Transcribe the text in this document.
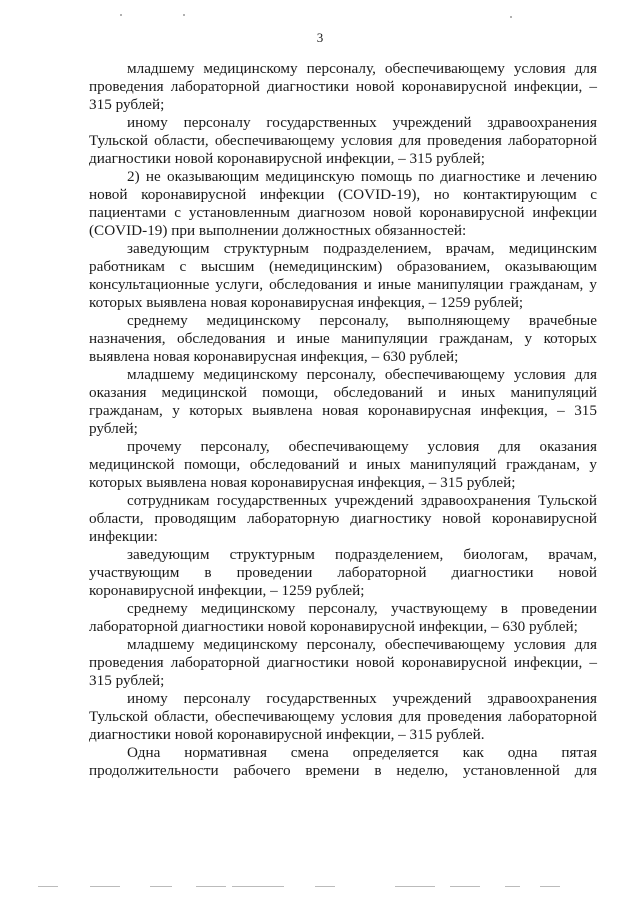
3

младшему медицинскому персоналу, обеспечивающему условия для проведения лабораторной диагностики новой коронавирусной инфекции, – 315 рублей;

иному персоналу государственных учреждений здравоохранения Тульской области, обеспечивающему условия для проведения лабораторной диагностики новой коронавирусной инфекции, – 315 рублей;

2) не оказывающим медицинскую помощь по диагностике и лечению новой коронавирусной инфекции (COVID-19), но контактирующим с пациентами с установленным диагнозом новой коронавирусной инфекции (COVID-19) при выполнении должностных обязанностей:

заведующим структурным подразделением, врачам, медицинским работникам с высшим (немедицинским) образованием, оказывающим консультационные услуги, обследования и иные манипуляции гражданам, у которых выявлена новая коронавирусная инфекция, – 1259 рублей;

среднему медицинскому персоналу, выполняющему врачебные назначения, обследования и иные манипуляции гражданам, у которых выявлена новая коронавирусная инфекция, – 630 рублей;

младшему медицинскому персоналу, обеспечивающему условия для оказания медицинской помощи, обследований и иных манипуляций гражданам, у которых выявлена новая коронавирусная инфекция, – 315 рублей;

прочему персоналу, обеспечивающему условия для оказания медицинской помощи, обследований и иных манипуляций гражданам, у которых выявлена новая коронавирусная инфекция, – 315 рублей;

сотрудникам государственных учреждений здравоохранения Тульской области, проводящим лабораторную диагностику новой коронавирусной инфекции:

заведующим структурным подразделением, биологам, врачам, участвующим в проведении лабораторной диагностики новой коронавирусной инфекции, – 1259 рублей;

среднему медицинскому персоналу, участвующему в проведении лабораторной диагностики новой коронавирусной инфекции, – 630 рублей;

младшему медицинскому персоналу, обеспечивающему условия для проведения лабораторной диагностики новой коронавирусной инфекции, – 315 рублей;

иному персоналу государственных учреждений здравоохранения Тульской области, обеспечивающему условия для проведения лабораторной диагностики новой коронавирусной инфекции, – 315 рублей.

Одна нормативная смена определяется как одна пятая продолжительности рабочего времени в неделю, установленной для
